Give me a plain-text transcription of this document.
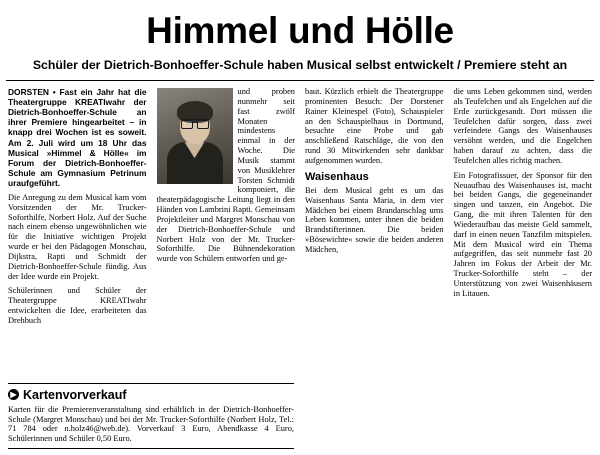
Himmel und Hölle
Schüler der Dietrich-Bonhoeffer-Schule haben Musical selbst entwickelt / Premiere steht an

DORSTEN • Fast ein Jahr hat die Theatergruppe KREATIwahr der Dietrich-Bonhoeffer-Schule an ihrer Premiere hingearbeitet – in knapp drei Wochen ist es soweit. Am 2. Juli wird um 18 Uhr das Musical »Himmel & Hölle« im Forum der Dietrich-Bonhoeffer-Schule am Gymnasium Petrinum uraufgeführt.

Die Anregung zu dem Musical kam vom Vorsitzenden der Mr. Trucker-Soforthilfe, Norbert Holz. Auf der Suche nach einem ebenso ungewöhnlichen wie für die Initiative wichtigen Projekt wurde er bei den Pädagogen Monschau, Dijkstra, Rapti und Schmidt der Dietrich-Bonhoeffer-Schule fündig. Aus der Idee wurde ein Projekt.

Schülerinnen und Schüler der Theatergruppe KREATIwahr entwickelten die Idee, erarbeiteten das Drehbuch

und proben nunmehr seit fast zwölf Monaten mindestens einmal in der Woche. Die Musik stammt von Musiklehrer Torsten Schmidt komponiert, die theaterpädagogische Leitung liegt in den Händen von Lambrini Rapti. Gemeinsam Projektleiter und Margret Monschau von der Dietrich-Bonhoeffer-Schule und Norbert Holz von der Mr. Trucker-Soforthilfe. Die Bühnendekoration wurde von Schülern entworfen und ge-

baut. Kürzlich erhielt die Theatergruppe prominenten Besuch: Der Dorstener Rainer Kleinespel (Foto), Schauspieler an den Schauspielhaus in Dortmund, besuchte eine Probe und gab anschließend Ratschläge, die von den rund 30 Mitwirkenden sehr dankbar aufgenommen wurden.

Waisenhaus

Bei dem Musical geht es um das Waisenhaus Santa Maria, in dem vier Mädchen bei einem Brandanschlag ums Leben kommen, unter ihnen die beiden Brandstifterinnen. Die beiden »Bösewichte« sowie die beiden anderen Mädchen,

die ums Leben gekommen sind, werden als Teufelchen und als Engelchen auf die Erde zurückgesandt. Dort müssen die Teufelchen dafür sorgen, dass zwei verfeindete Gangs des Waisenhauses versöhnt werden, und die Engelchen haben darauf zu achten, dass die Teufelchen alles richtig machen.

Ein Fotografissuer, der Sponsor für den Neuaufbau des Waisenhauses ist, macht bei beiden Gangs, die gegeneinander singen und tanzen, ein Angebot. Die Gang, die mit ihren Talenten für den Wiederaufbau das meiste Geld sammelt, darf in einen neuen Tanzfilm mitspielen. Mit dem Musical wird ein Thema aufgegriffen, das seit nunmehr fast 20 Jahren im Fokus der Arbeit der Mr. Trucker-Soforthilfe steht – der Unterstützung von zwei Waisenhäusern in Litauen.

▶ Kartenvorverkauf
Karten für die Premierenveranstaltung sind erhältlich in der Dietrich-Bonhoeffer-Schule (Margret Monschau) und bei der Mr. Trucker-Soforthilfe (Norbert Holz, Tel.: 71 784 oder n.holz46@web.de). Vorverkauf 3 Euro, Abendkasse 4 Euro, Schülerinnen und Schüler 0,50 Euro.
